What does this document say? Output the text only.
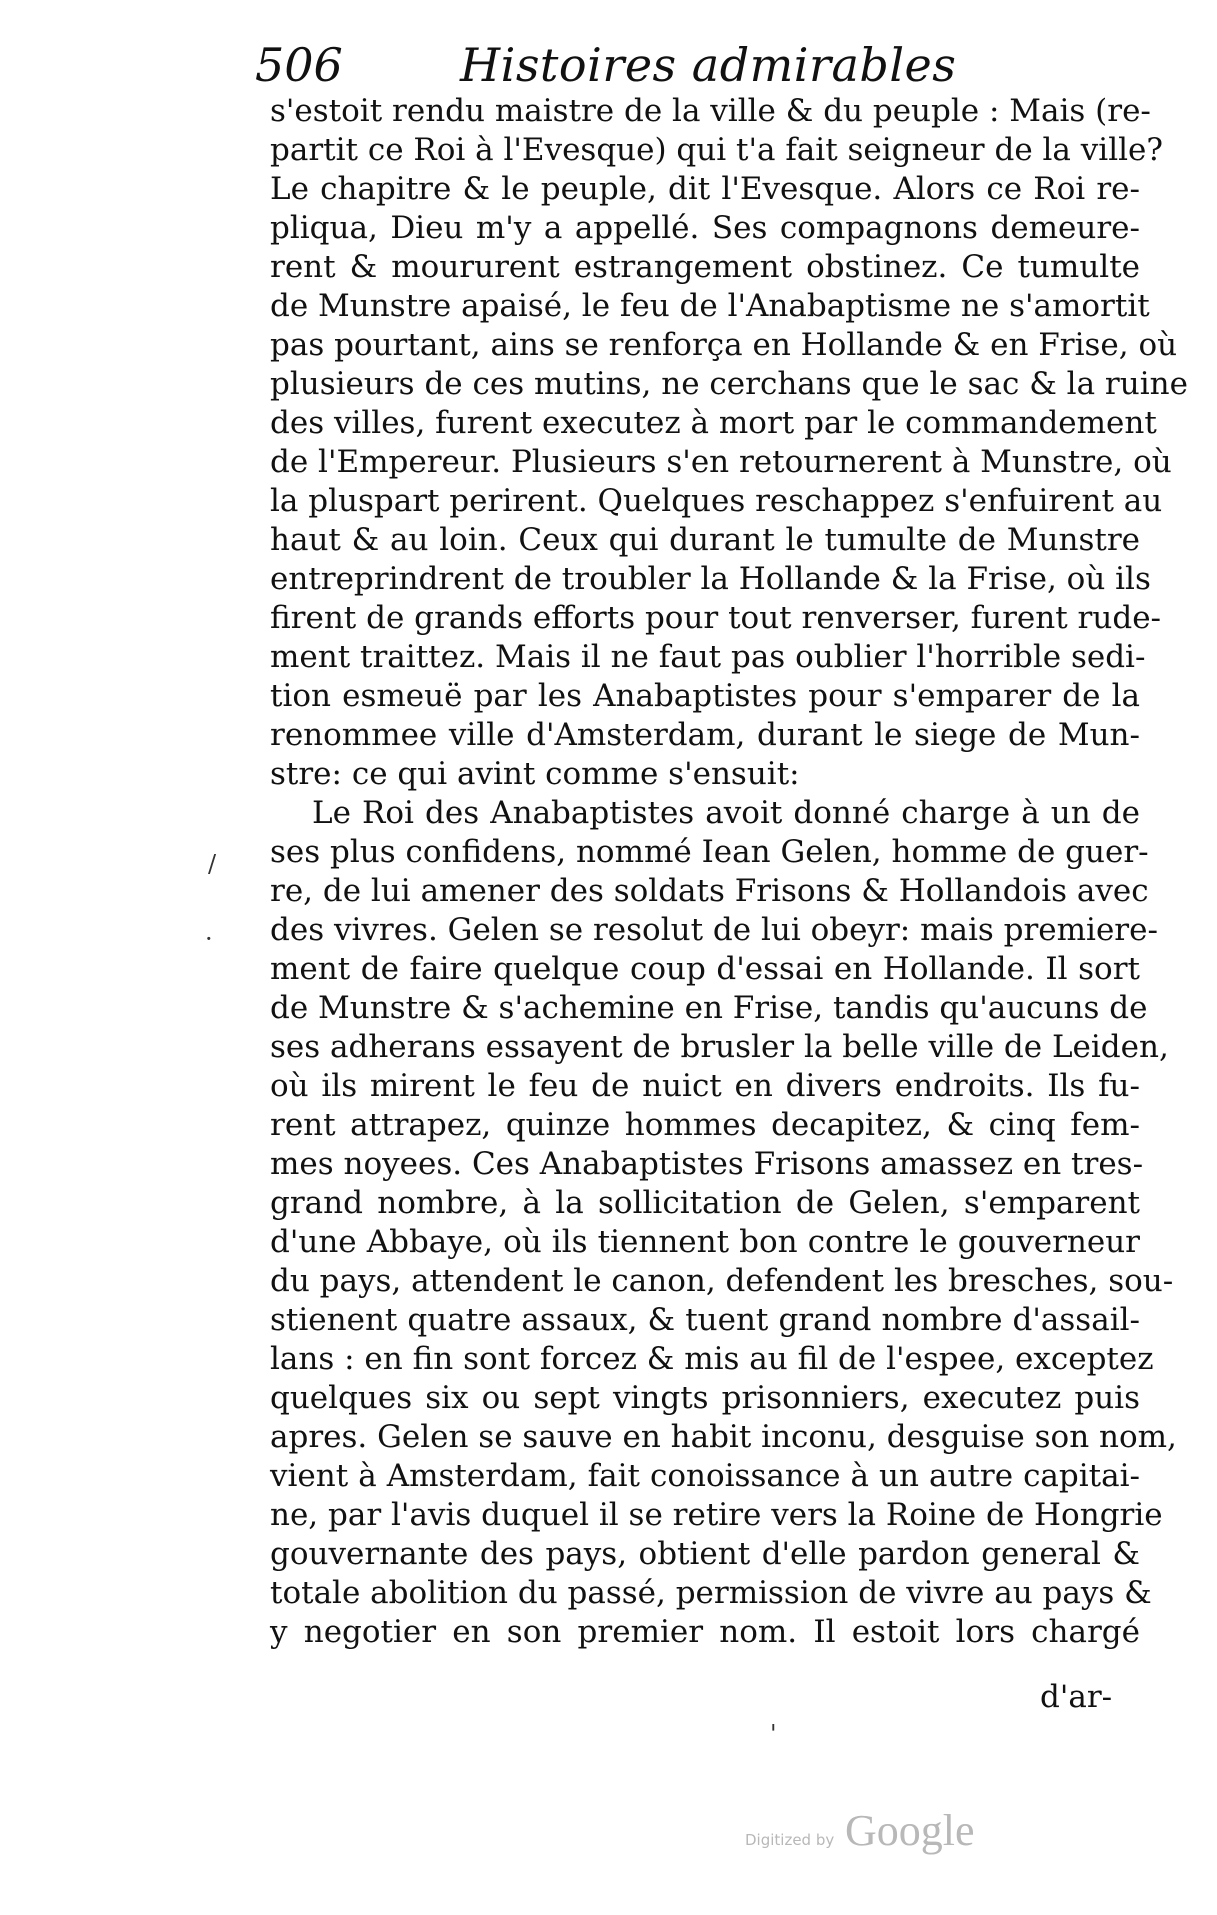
506	Histoires admirables
s'estoit rendu maistre de la ville & du peuple : Mais (re-
partit ce Roi à l'Evesque) qui t'a fait seigneur de la ville?
Le chapitre & le peuple, dit l'Evesque. Alors ce Roi re-
pliqua, Dieu m'y a appellé. Ses compagnons demeure-
rent & moururent estrangement obstinez. Ce tumulte
de Munstre apaisé, le feu de l'Anabaptisme ne s'amortit
pas pourtant, ains se renforça en Hollande & en Frise, où
plusieurs de ces mutins, ne cerchans que le sac & la ruine
des villes, furent executez à mort par le commandement
de l'Empereur. Plusieurs s'en retournerent à Munstre, où
la pluspart perirent. Quelques reschappez s'enfuirent au
haut & au loin. Ceux qui durant le tumulte de Munstre
entreprindrent de troubler la Hollande & la Frise, où ils
firent de grands efforts pour tout renverser, furent rude-
ment traittez. Mais il ne faut pas oublier l'horrible sedi-
tion esmeuë par les Anabaptistes pour s'emparer de la
renommee ville d'Amsterdam, durant le siege de Mun-
stre: ce qui avint comme s'ensuit:
Le Roi des Anabaptistes avoit donné charge à un de
ses plus confidens, nommé Iean Gelen, homme de guer-
re, de lui amener des soldats Frisons & Hollandois avec
des vivres. Gelen se resolut de lui obeyr: mais premiere-
ment de faire quelque coup d'essai en Hollande. Il sort
de Munstre & s'achemine en Frise, tandis qu'aucuns de
ses adherans essayent de brusler la belle ville de Leiden,
où ils mirent le feu de nuict en divers endroits. Ils fu-
rent attrapez, quinze hommes decapitez, & cinq fem-
mes noyees. Ces Anabaptistes Frisons amassez en tres-
grand nombre, à la sollicitation de Gelen, s'emparent
d'une Abbaye, où ils tiennent bon contre le gouverneur
du pays, attendent le canon, defendent les bresches, sou-
stienent quatre assaux, & tuent grand nombre d'assail-
lans : en fin sont forcez & mis au fil de l'espee, exceptez
quelques six ou sept vingts prisonniers, executez puis
apres. Gelen se sauve en habit inconu, desguise son nom,
vient à Amsterdam, fait conoissance à un autre capitai-
ne, par l'avis duquel il se retire vers la Roine de Hongrie
gouvernante des pays, obtient d'elle pardon general &
totale abolition du passé, permission de vivre au pays &
y negotier en son premier nom. Il estoit lors chargé
d'ar-
/
·
'
Digitized by Google
